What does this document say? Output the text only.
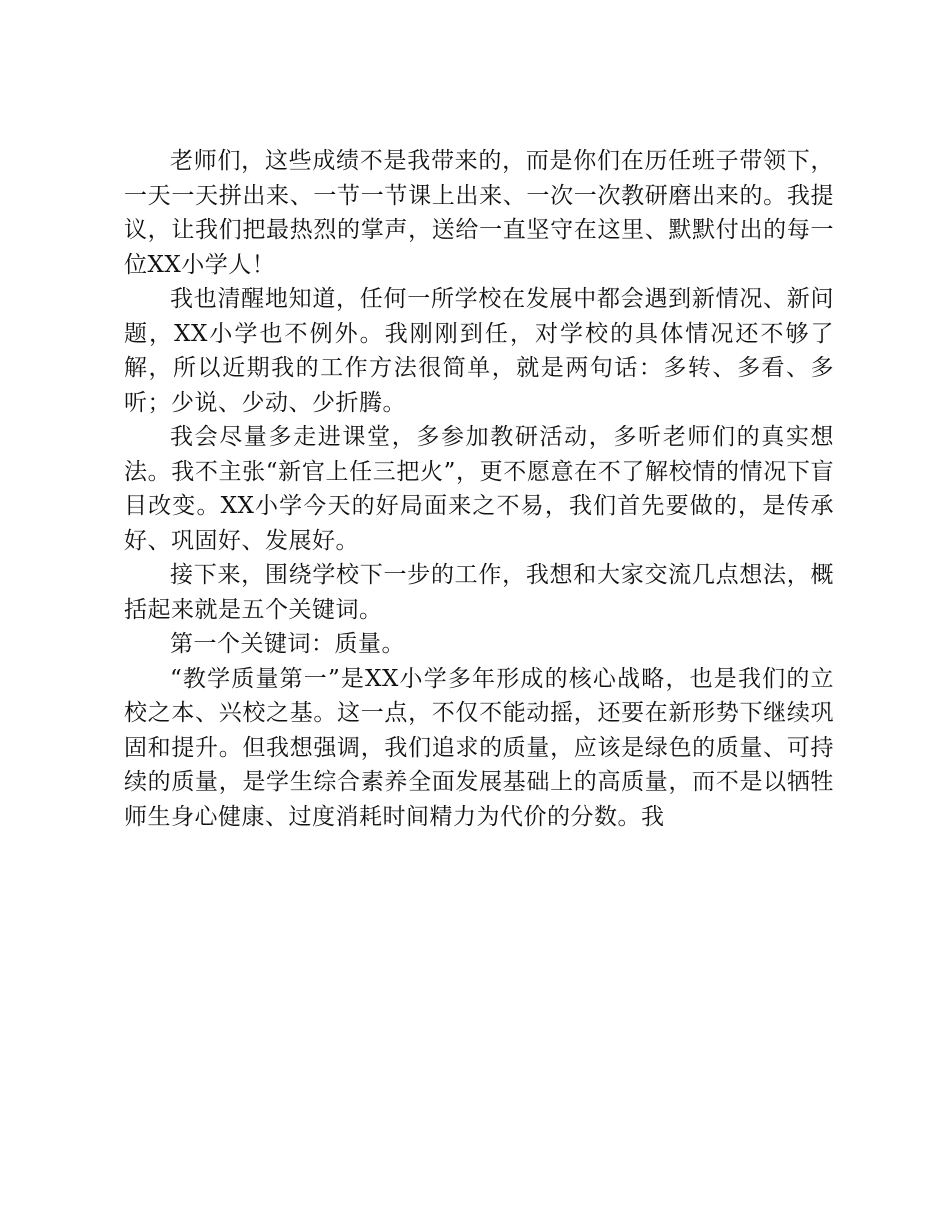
老师们，这些成绩不是我带来的，而是你们在历任班子带领下，一天一天拼出来、一节一节课上出来、一次一次教研磨出来的。我提议，让我们把最热烈的掌声，送给一直坚守在这里、默默付出的每一位XX小学人！

我也清醒地知道，任何一所学校在发展中都会遇到新情况、新问题，XX小学也不例外。我刚刚到任，对学校的具体情况还不够了解，所以近期我的工作方法很简单，就是两句话：多转、多看、多听；少说、少动、少折腾。

我会尽量多走进课堂，多参加教研活动，多听老师们的真实想法。我不主张“新官上任三把火”，更不愿意在不了解校情的情况下盲目改变。XX小学今天的好局面来之不易，我们首先要做的，是传承好、巩固好、发展好。

接下来，围绕学校下一步的工作，我想和大家交流几点想法，概括起来就是五个关键词。

第一个关键词：质量。

“教学质量第一”是XX小学多年形成的核心战略，也是我们的立校之本、兴校之基。这一点，不仅不能动摇，还要在新形势下继续巩固和提升。但我想强调，我们追求的质量，应该是绿色的质量、可持续的质量，是学生综合素养全面发展基础上的高质量，而不是以牺牲师生身心健康、过度消耗时间精力为代价的分数。我
